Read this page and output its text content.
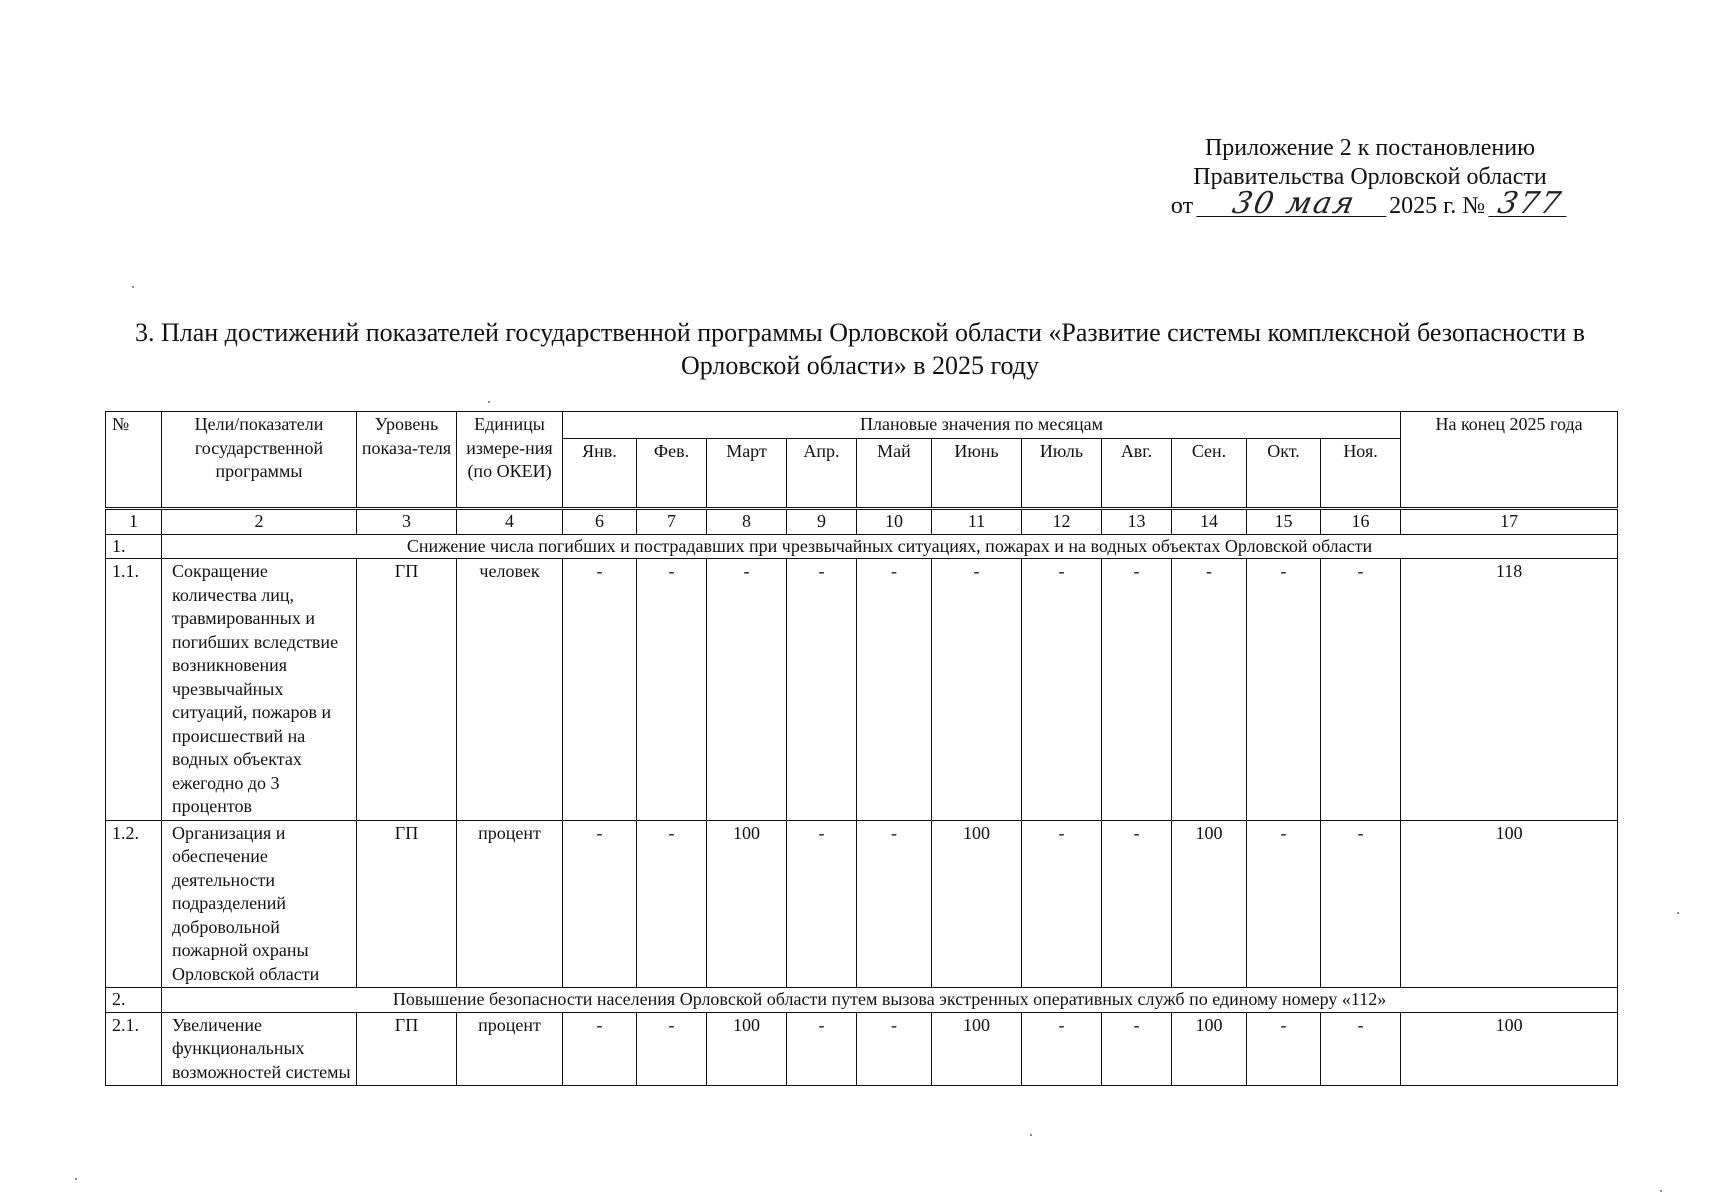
Приложение 2 к постановлению
Правительства Орловской области
от 30 мая 2025 г. № 377
3. План достижений показателей государственной программы Орловской области «Развитие системы комплексной безопасности в Орловской области» в 2025 году
№	Цели/показатели государственной программы	Уровень показа-теля	Единицы измере-ния (по ОКЕИ)	Плановые значения по месяцам											На конец 2025 года
				Янв.	Фев.	Март	Апр.	Май	Июнь	Июль	Авг.	Сен.	Окт.	Ноя.	
1	2	3	4	6	7	8	9	10	11	12	13	14	15	16	17
1.	Снижение числа погибших и пострадавших при чрезвычайных ситуациях, пожарах и на водных объектах Орловской области														
1.1.	Сокращение количества лиц, травмированных и погибших вследствие возникновения чрезвычайных ситуаций, пожаров и происшествий на водных объектах ежегодно до 3 процентов	ГП	человек	-	-	-	-	-	-	-	-	-	-	-	118
1.2.	Организация и обеспечение деятельности подразделений добровольной пожарной охраны Орловской области	ГП	процент	-	-	100	-	-	100	-	-	100	-	-	100
2.	Повышение безопасности населения Орловской области путем вызова экстренных оперативных служб по единому номеру «112»														
2.1.	Увеличение функциональных возможностей системы	ГП	процент	-	-	100	-	-	100	-	-	100	-	-	100
